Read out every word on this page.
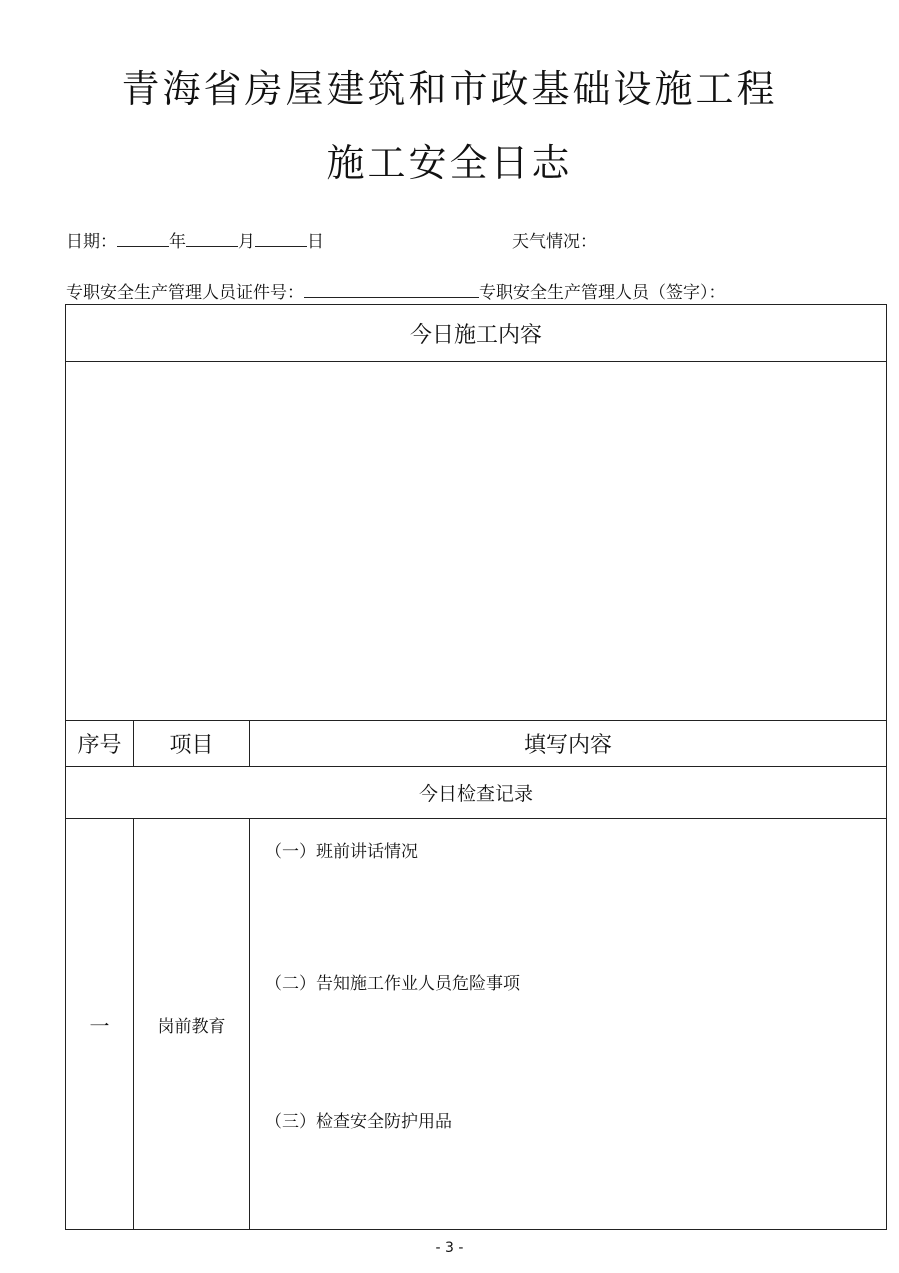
青海省房屋建筑和市政基础设施工程
施工安全日志
日期：	年	月	日	天气情况：
专职安全生产管理人员证件号：	专职安全生产管理人员（签字）：
今日施工内容
序号	项目	填写内容
今日检查记录
一	岗前教育
（一）班前讲话情况
（二）告知施工作业人员危险事项
（三）检查安全防护用品
- 3 -
